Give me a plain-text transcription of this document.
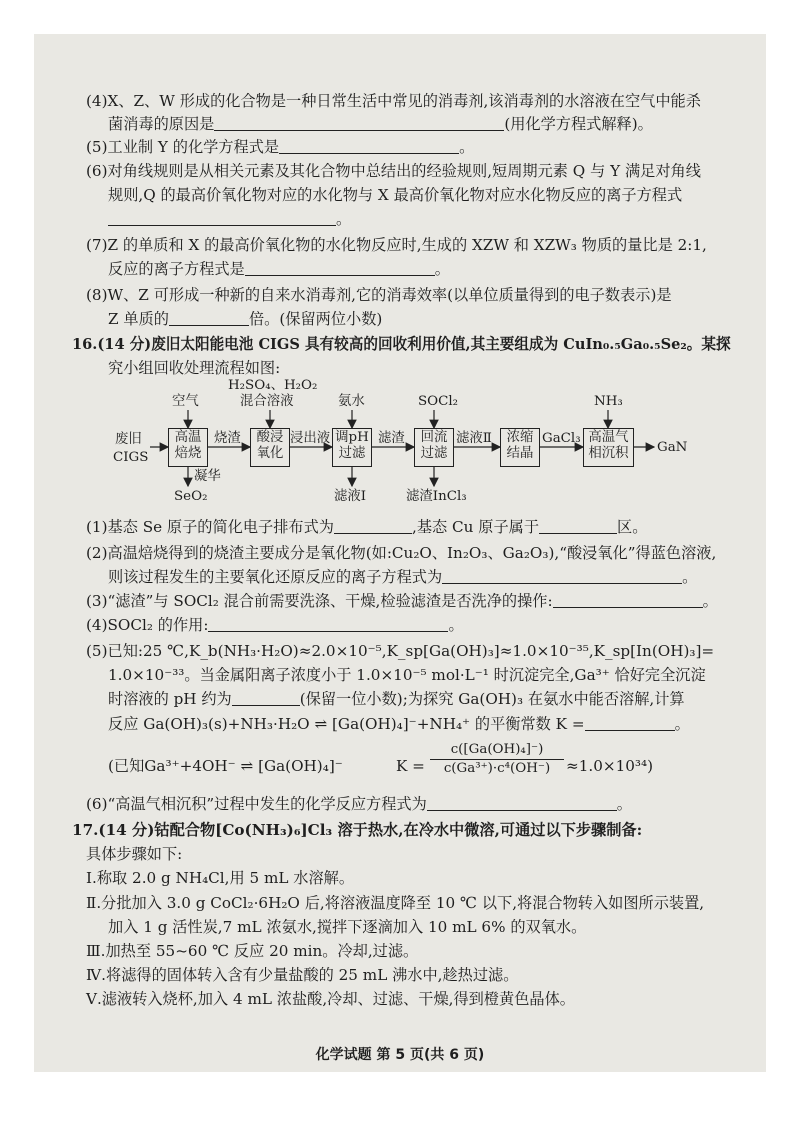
(4)X、Z、W 形成的化合物是一种日常生活中常见的消毒剂,该消毒剂的水溶液在空气中能杀
菌消毒的原因是	(用化学方程式解释)。
(5)工业制 Y 的化学方程式是	。
(6)对角线规则是从相关元素及其化合物中总结出的经验规则,短周期元素 Q 与 Y 满足对角线
规则,Q 的最高价氧化物对应的水化物与 X 最高价氧化物对应水化物反应的离子方程式
。
(7)Z 的单质和 X 的最高价氧化物的水化物反应时,生成的 XZW 和 XZW₃ 物质的量比是 2:1,
反应的离子方程式是	。
(8)W、Z 可形成一种新的自来水消毒剂,它的消毒效率(以单位质量得到的电子数表示)是
Z 单质的	倍。(保留两位小数)
16.(14 分)废旧太阳能电池 CIGS 具有较高的回收利用价值,其主要组成为 CuIn₀.₅Ga₀.₅Se₂。某探
究小组回收处理流程如图:
空气
H₂SO₄、H₂O₂
混合溶液	氨水	SOCl₂	NH₃
废旧
CIGS
高温
焙烧
酸浸
氧化
调pH
过滤
回流
过滤
浓缩
结晶
高温气
相沉积
烧渣	浸出液	滤渣	滤液Ⅱ	GaCl₃
GaN
凝华
SeO₂	滤液Ⅰ	滤渣InCl₃
(1)基态 Se 原子的简化电子排布式为	,基态 Cu 原子属于	区。
(2)高温焙烧得到的烧渣主要成分是氧化物(如:Cu₂O、In₂O₃、Ga₂O₃),“酸浸氧化”得蓝色溶液,
则该过程发生的主要氧化还原反应的离子方程式为	。
(3)“滤渣”与 SOCl₂ 混合前需要洗涤、干燥,检验滤渣是否洗净的操作:	。
(4)SOCl₂ 的作用:	。
(5)已知:25 ℃,K_b(NH₃·H₂O)≈2.0×10⁻⁵,K_sp[Ga(OH)₃]≈1.0×10⁻³⁵,K_sp[In(OH)₃]=
1.0×10⁻³³。当金属阳离子浓度小于 1.0×10⁻⁵ mol·L⁻¹ 时沉淀完全,Ga³⁺ 恰好完全沉淀
时溶液的 pH 约为	(保留一位小数);为探究 Ga(OH)₃ 在氨水中能否溶解,计算
反应 Ga(OH)₃(s)+NH₃·H₂O ⇌ [Ga(OH)₄]⁻+NH₄⁺ 的平衡常数 K =	。
(已知Ga³⁺+4OH⁻ ⇌ [Ga(OH)₄]⁻	$K = \frac{\text{c([Ga(OH)₄]⁻)}}{\text{c(Ga³⁺)·c⁴(OH⁻)}} \approx 1.0\times 10^{34}$)
(6)“高温气相沉积”过程中发生的化学反应方程式为	。
17.(14 分)钴配合物[Co(NH₃)₆]Cl₃ 溶于热水,在冷水中微溶,可通过以下步骤制备:
具体步骤如下:
Ⅰ.称取 2.0 g NH₄Cl,用 5 mL 水溶解。
Ⅱ.分批加入 3.0 g CoCl₂·6H₂O 后,将溶液温度降至 10 ℃ 以下,将混合物转入如图所示装置,
加入 1 g 活性炭,7 mL 浓氨水,搅拌下逐滴加入 10 mL 6% 的双氧水。
Ⅲ.加热至 55~60 ℃ 反应 20 min。冷却,过滤。
Ⅳ.将滤得的固体转入含有少量盐酸的 25 mL 沸水中,趁热过滤。
Ⅴ.滤液转入烧杯,加入 4 mL 浓盐酸,冷却、过滤、干燥,得到橙黄色晶体。
化学试题 第 5 页(共 6 页)
